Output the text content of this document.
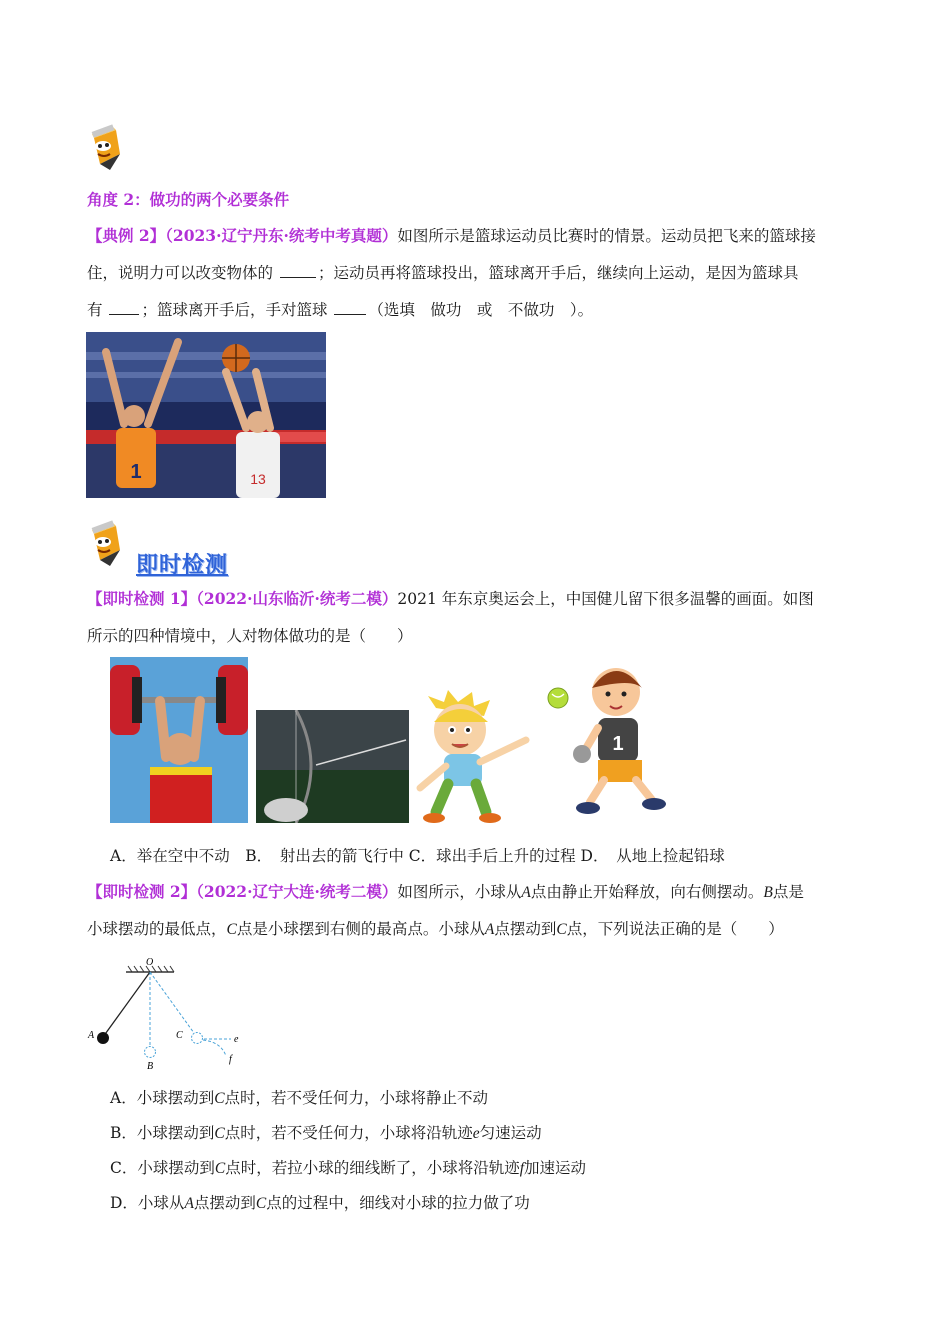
角度 2：做功的两个必要条件
【典例 2】（2023·辽宁丹东·统考中考真题）如图所示是篮球运动员比赛时的情景。运动员把飞来的篮球接
住，说明力可以改变物体的	；运动员再将篮球投出，篮球离开手后，继续向上运动，是因为篮球具
有	；篮球离开手后，手对篮球	（选填　做功　或　不做功　）。
1	13
即时检测
【即时检测 1】（2022·山东临沂·统考二模）2021 年东京奥运会上，中国健儿留下很多温馨的画面。如图
所示的四种情境中，人对物体做功的是（　　）
1
A．举在空中不动　B．　射出去的箭飞行中 C．球出手后上升的过程 D．　从地上捡起铅球
【即时检测 2】（2022·辽宁大连·统考二模）如图所示，小球从A点由静止开始释放，向右侧摆动。B点是
小球摆动的最低点，C点是小球摆到右侧的最高点。小球从A点摆动到C点，下列说法正确的是（　　）
O
A
B
C	e
f
A．小球摆动到C点时，若不受任何力，小球将静止不动
B．小球摆动到C点时，若不受任何力，小球将沿轨迹e匀速运动
C．小球摆动到C点时，若拉小球的细线断了，小球将沿轨迹f加速运动
D．小球从A点摆动到C点的过程中，细线对小球的拉力做了功
